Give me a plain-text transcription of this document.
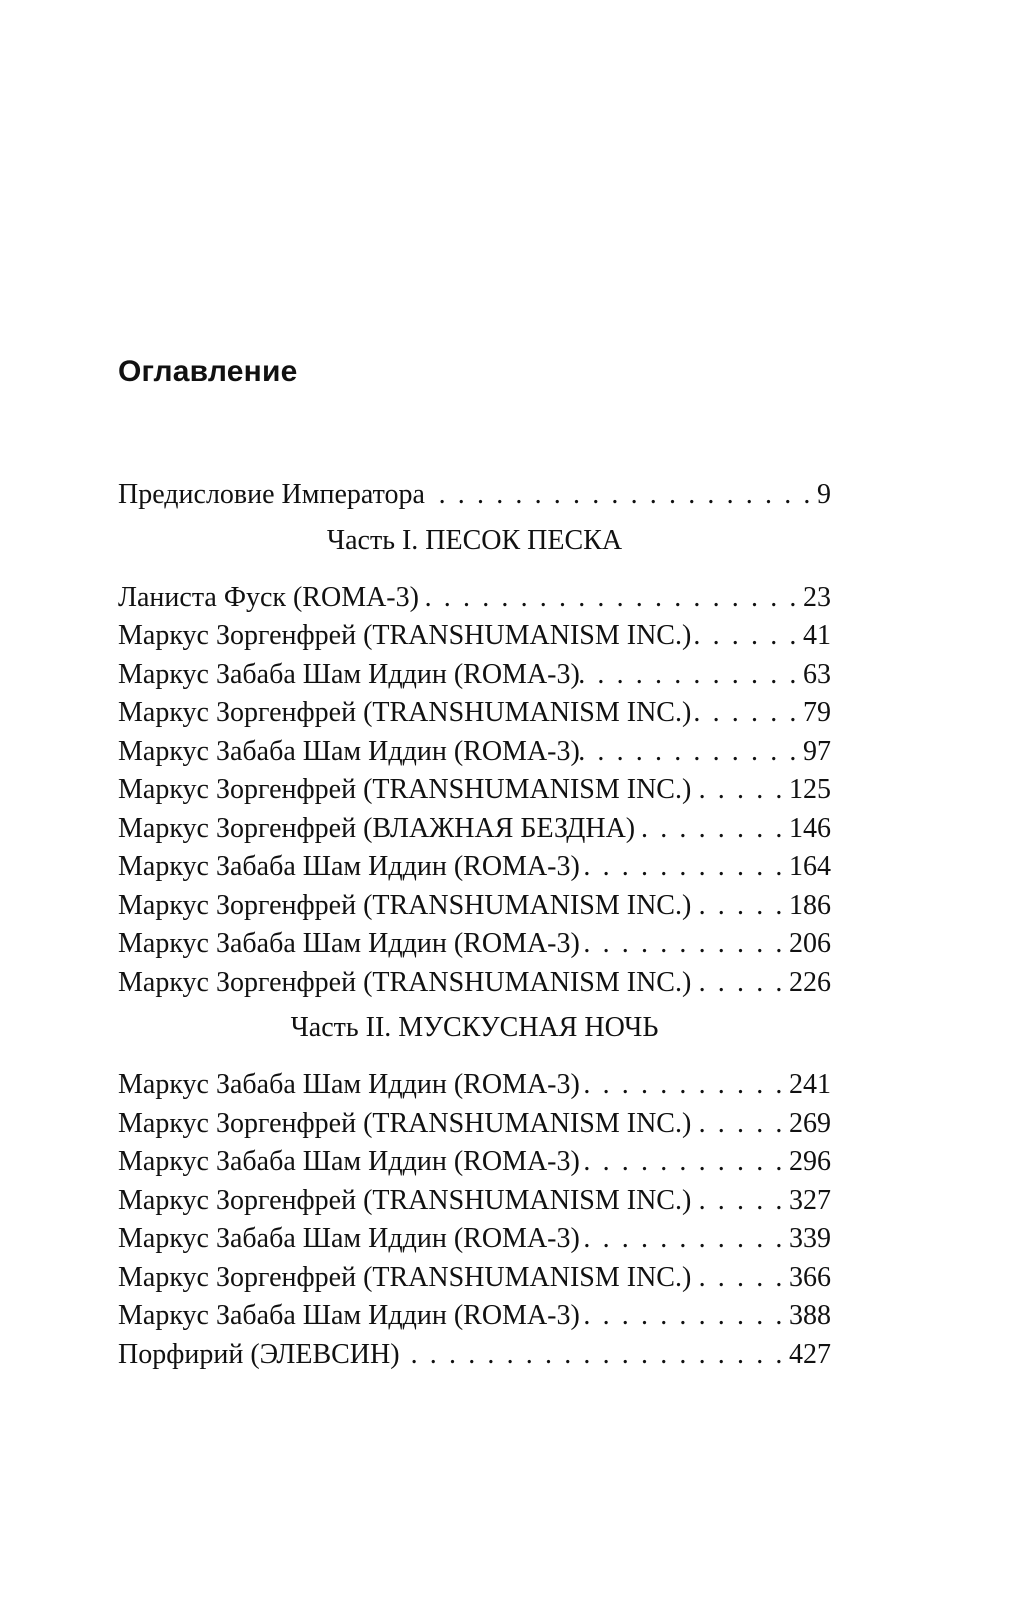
Оглавление
Предисловие Императора . . .	9
Часть I. ПЕСОК ПЕСКА
Ланиста Фуск (ROMA-3) . . .	23
Маркус Зоргенфрей (TRANSHUMANISM INC.) . . .	41
Маркус Забаба Шам Иддин (ROMA-3) . . .	63
Маркус Зоргенфрей (TRANSHUMANISM INC.) . . .	79
Маркус Забаба Шам Иддин (ROMA-3) . . .	97
Маркус Зоргенфрей (TRANSHUMANISM INC.) . . .	125
Маркус Зоргенфрей (ВЛАЖНАЯ БЕЗДНА) . . .	146
Маркус Забаба Шам Иддин (ROMA-3) . . .	164
Маркус Зоргенфрей (TRANSHUMANISM INC.) . . .	186
Маркус Забаба Шам Иддин (ROMA-3) . . .	206
Маркус Зоргенфрей (TRANSHUMANISM INC.) . . .	226
Часть II. МУСКУСНАЯ НОЧЬ
Маркус Забаба Шам Иддин (ROMA-3) . . .	241
Маркус Зоргенфрей (TRANSHUMANISM INC.) . . .	269
Маркус Забаба Шам Иддин (ROMA-3) . . .	296
Маркус Зоргенфрей (TRANSHUMANISM INC.) . . .	327
Маркус Забаба Шам Иддин (ROMA-3) . . .	339
Маркус Зоргенфрей (TRANSHUMANISM INC.) . . .	366
Маркус Забаба Шам Иддин (ROMA-3) . . .	388
Порфирий (ЭЛЕВСИН) . . .	427
